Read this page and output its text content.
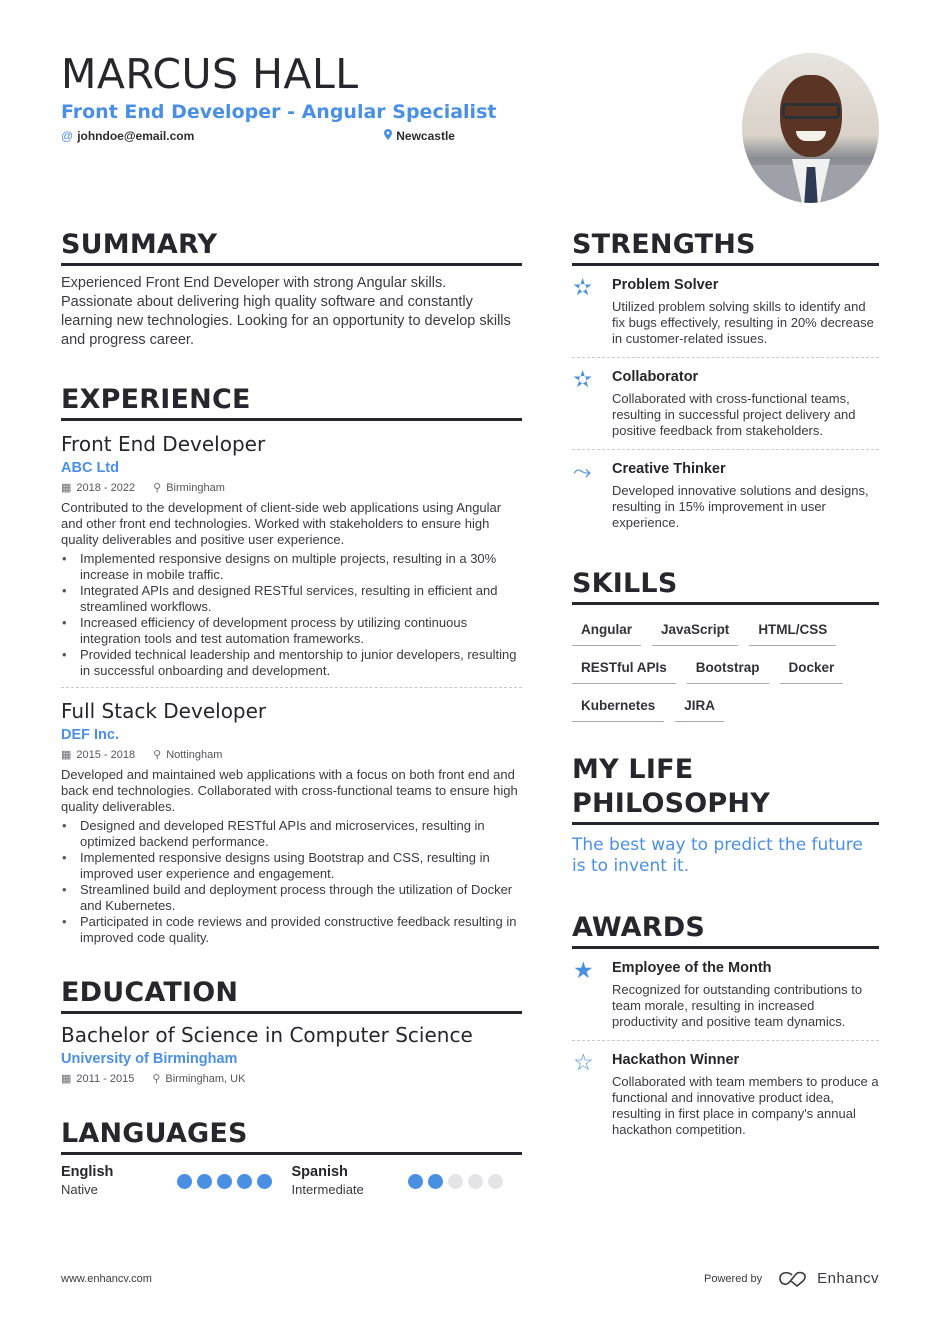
MARCUS HALL
Front End Developer - Angular Specialist
@ johndoe@email.com	Newcastle
SUMMARY

Experienced Front End Developer with strong Angular skills. Passionate about delivering high quality software and constantly learning new technologies. Looking for an opportunity to develop skills and progress career.

EXPERIENCE
Front End Developer
ABC Ltd
▦ 2018 - 2022 ⚲ Birmingham

Contributed to the development of client-side web applications using Angular and other front end technologies. Worked with stakeholders to ensure high quality deliverables and positive user experience.

• Implemented responsive designs on multiple projects, resulting in a 30% increase in mobile traffic.
• Integrated APIs and designed RESTful services, resulting in efficient and streamlined workflows.
• Increased efficiency of development process by utilizing continuous integration tools and test automation frameworks.
• Provided technical leadership and mentorship to junior developers, resulting in successful onboarding and development.
Full Stack Developer
DEF Inc.
▦ 2015 - 2018 ⚲ Nottingham

Developed and maintained web applications with a focus on both front end and back end technologies. Collaborated with cross-functional teams to ensure high quality deliverables.

• Designed and developed RESTful APIs and microservices, resulting in optimized backend performance.
• Implemented responsive designs using Bootstrap and CSS, resulting in improved user experience and engagement.
• Streamlined build and deployment process through the utilization of Docker and Kubernetes.
• Participated in code reviews and provided constructive feedback resulting in improved code quality.
EDUCATION
Bachelor of Science in Computer Science
University of Birmingham
▦ 2011 - 2015 ⚲ Birmingham, UK
LANGUAGES
English
Native
Spanish
Intermediate
STRENGTHS
✫	Problem Solver
Utilized problem solving skills to identify and fix bugs effectively, resulting in 20% decrease in customer-related issues.
✫	Collaborator
Collaborated with cross-functional teams, resulting in successful project delivery and positive feedback from stakeholders.
⤳	Creative Thinker
Developed innovative solutions and designs, resulting in 15% improvement in user experience.
SKILLS
Angular	JavaScript	HTML/CSS
RESTful APIs	Bootstrap	Docker
Kubernetes	JIRA
MY LIFE PHILOSOPHY

The best way to predict the future is to invent it.

AWARDS
★	Employee of the Month
Recognized for outstanding contributions to team morale, resulting in increased productivity and positive team dynamics.
☆	Hackathon Winner
Collaborated with team members to produce a functional and innovative product idea, resulting in first place in company's annual hackathon competition.
www.enhancv.com	Powered by	Enhancv
